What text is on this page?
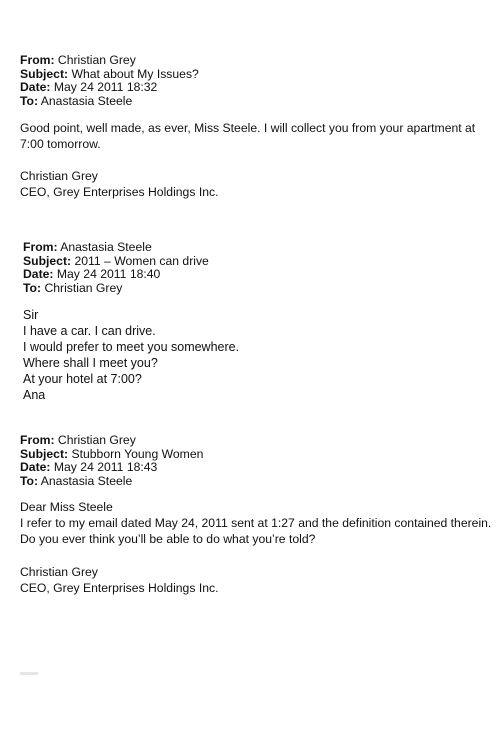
From: Christian Grey
Subject: What about My Issues?
Date: May 24 2011 18:32
To: Anastasia Steele

Good point, well made, as ever, Miss Steele. I will collect you from your apartment at 7:00 tomorrow.

Christian Grey

CEO, Grey Enterprises Holdings Inc.

From: Anastasia Steele
Subject: 2011 – Women can drive
Date: May 24 2011 18:40
To: Christian Grey

Sir

I have a car. I can drive.

I would prefer to meet you somewhere.

Where shall I meet you?

At your hotel at 7:00?

Ana

From: Christian Grey
Subject: Stubborn Young Women
Date: May 24 2011 18:43
To: Anastasia Steele

Dear Miss Steele

I refer to my email dated May 24, 2011 sent at 1:27 and the definition contained therein.

Do you ever think you’ll be able to do what you’re told?

Christian Grey

CEO, Grey Enterprises Holdings Inc.
